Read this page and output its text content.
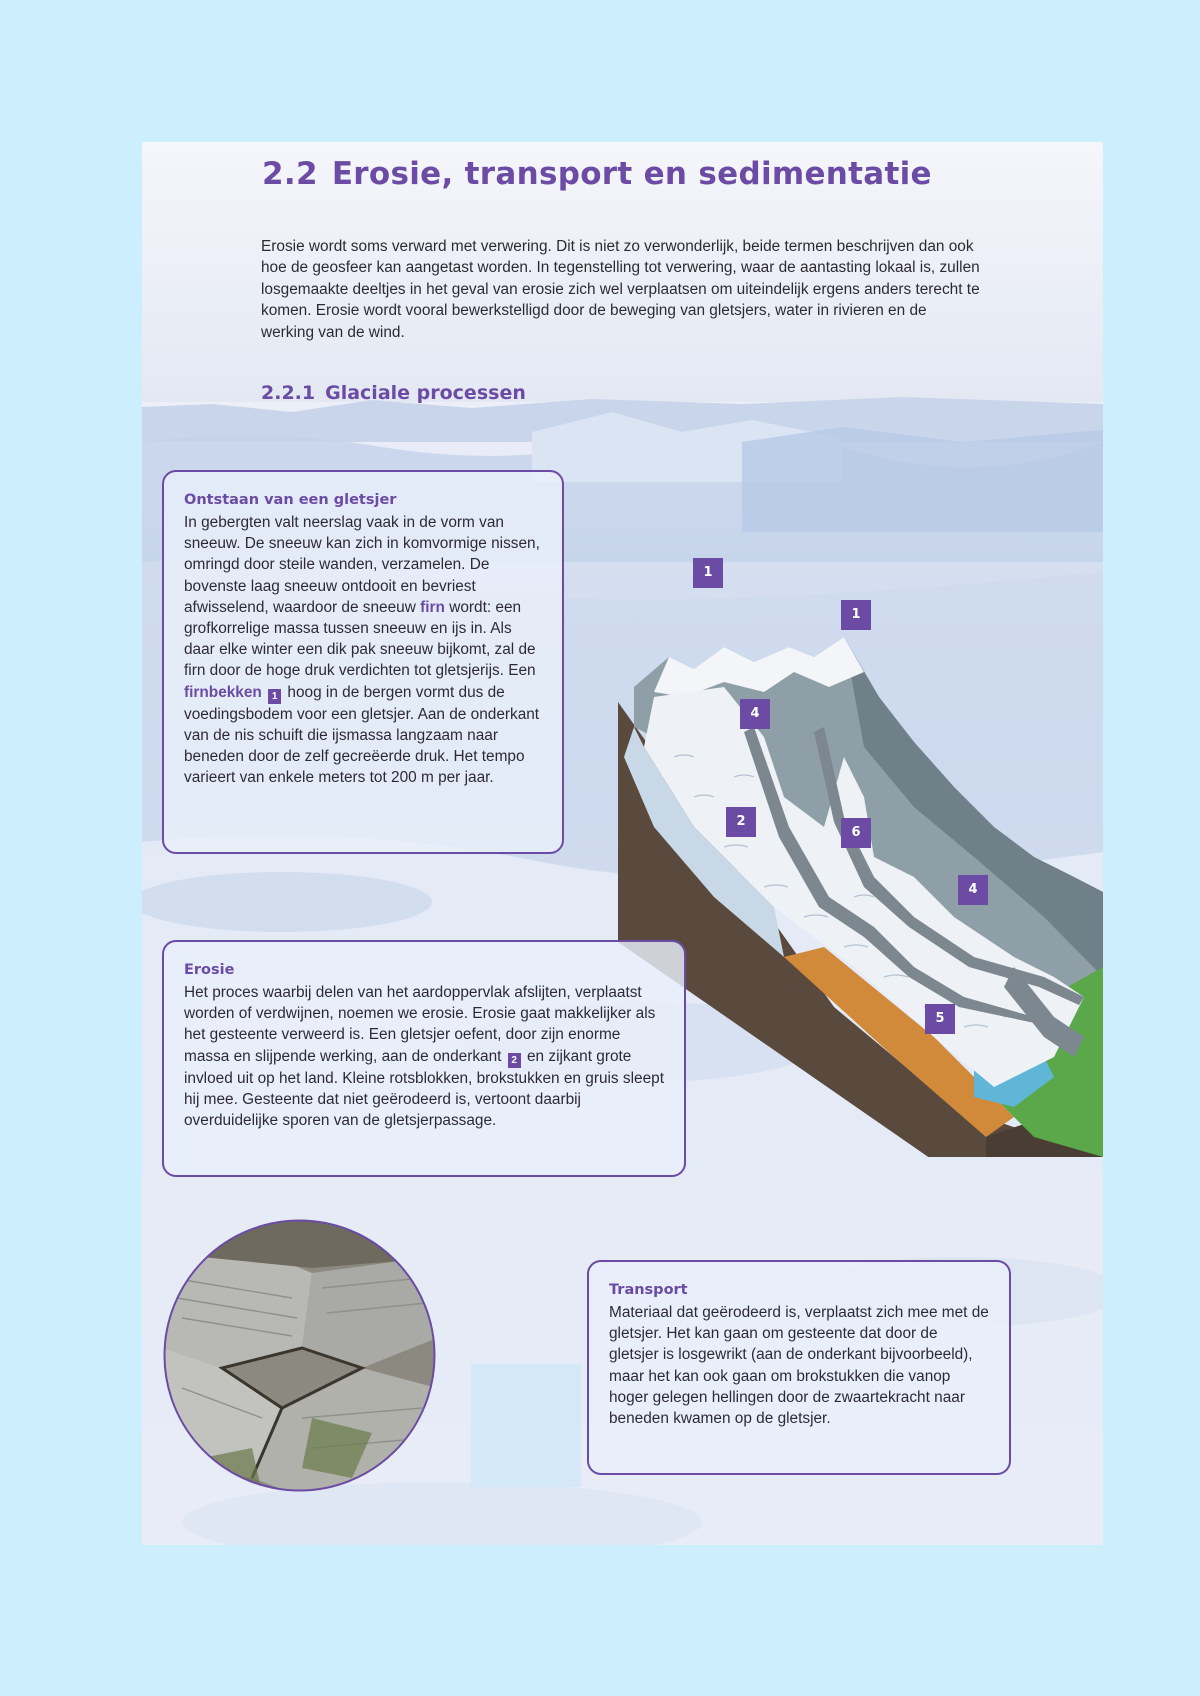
2.2 Erosie, transport en sedimentatie

Erosie wordt soms verward met verwering. Dit is niet zo verwonderlijk, beide termen beschrijven dan ook hoe de geosfeer kan aangetast worden. In tegenstelling tot verwering, waar de aantasting lokaal is, zullen losgemaakte deeltjes in het geval van erosie zich wel verplaatsen om uiteindelijk ergens anders terecht te komen. Erosie wordt vooral bewerkstelligd door de beweging van gletsjers, water in rivieren en de werking van de wind.

2.2.1 Glaciale processen
Ontstaan van een gletsjer

In gebergten valt neerslag vaak in de vorm van sneeuw. De sneeuw kan zich in komvormige nissen, omringd door steile wanden, verzamelen. De bovenste laag sneeuw ontdooit en bevriest afwisselend, waardoor de sneeuw firn wordt: een grofkorrelige massa tussen sneeuw en ijs in. Als daar elke winter een dik pak sneeuw bijkomt, zal de firn door de hoge druk verdichten tot gletsjerijs. Een firnbekken 1 hoog in de bergen vormt dus de voedingsbodem voor een gletsjer. Aan de onderkant van de nis schuift die ijsmassa langzaam naar beneden door de zelf gecreëerde druk. Het tempo varieert van enkele meters tot 200 m per jaar.

1
1
4
2
6
4
5
Erosie

Het proces waarbij delen van het aardoppervlak afslijten, verplaatst worden of verdwijnen, noemen we erosie. Erosie gaat makkelijker als het gesteente verweerd is. Een gletsjer oefent, door zijn enorme massa en slijpende werking, aan de onderkant 2 en zijkant grote invloed uit op het land. Kleine rotsblokken, brokstukken en gruis sleept hij mee. Gesteente dat niet geërodeerd is, vertoont daarbij overduidelijke sporen van de gletsjerpassage.

Transport

Materiaal dat geërodeerd is, verplaatst zich mee met de gletsjer. Het kan gaan om gesteente dat door de gletsjer is losgewrikt (aan de onderkant bijvoorbeeld), maar het kan ook gaan om brokstukken die vanop hoger gelegen hellingen door de zwaartekracht naar beneden kwamen op de gletsjer.
